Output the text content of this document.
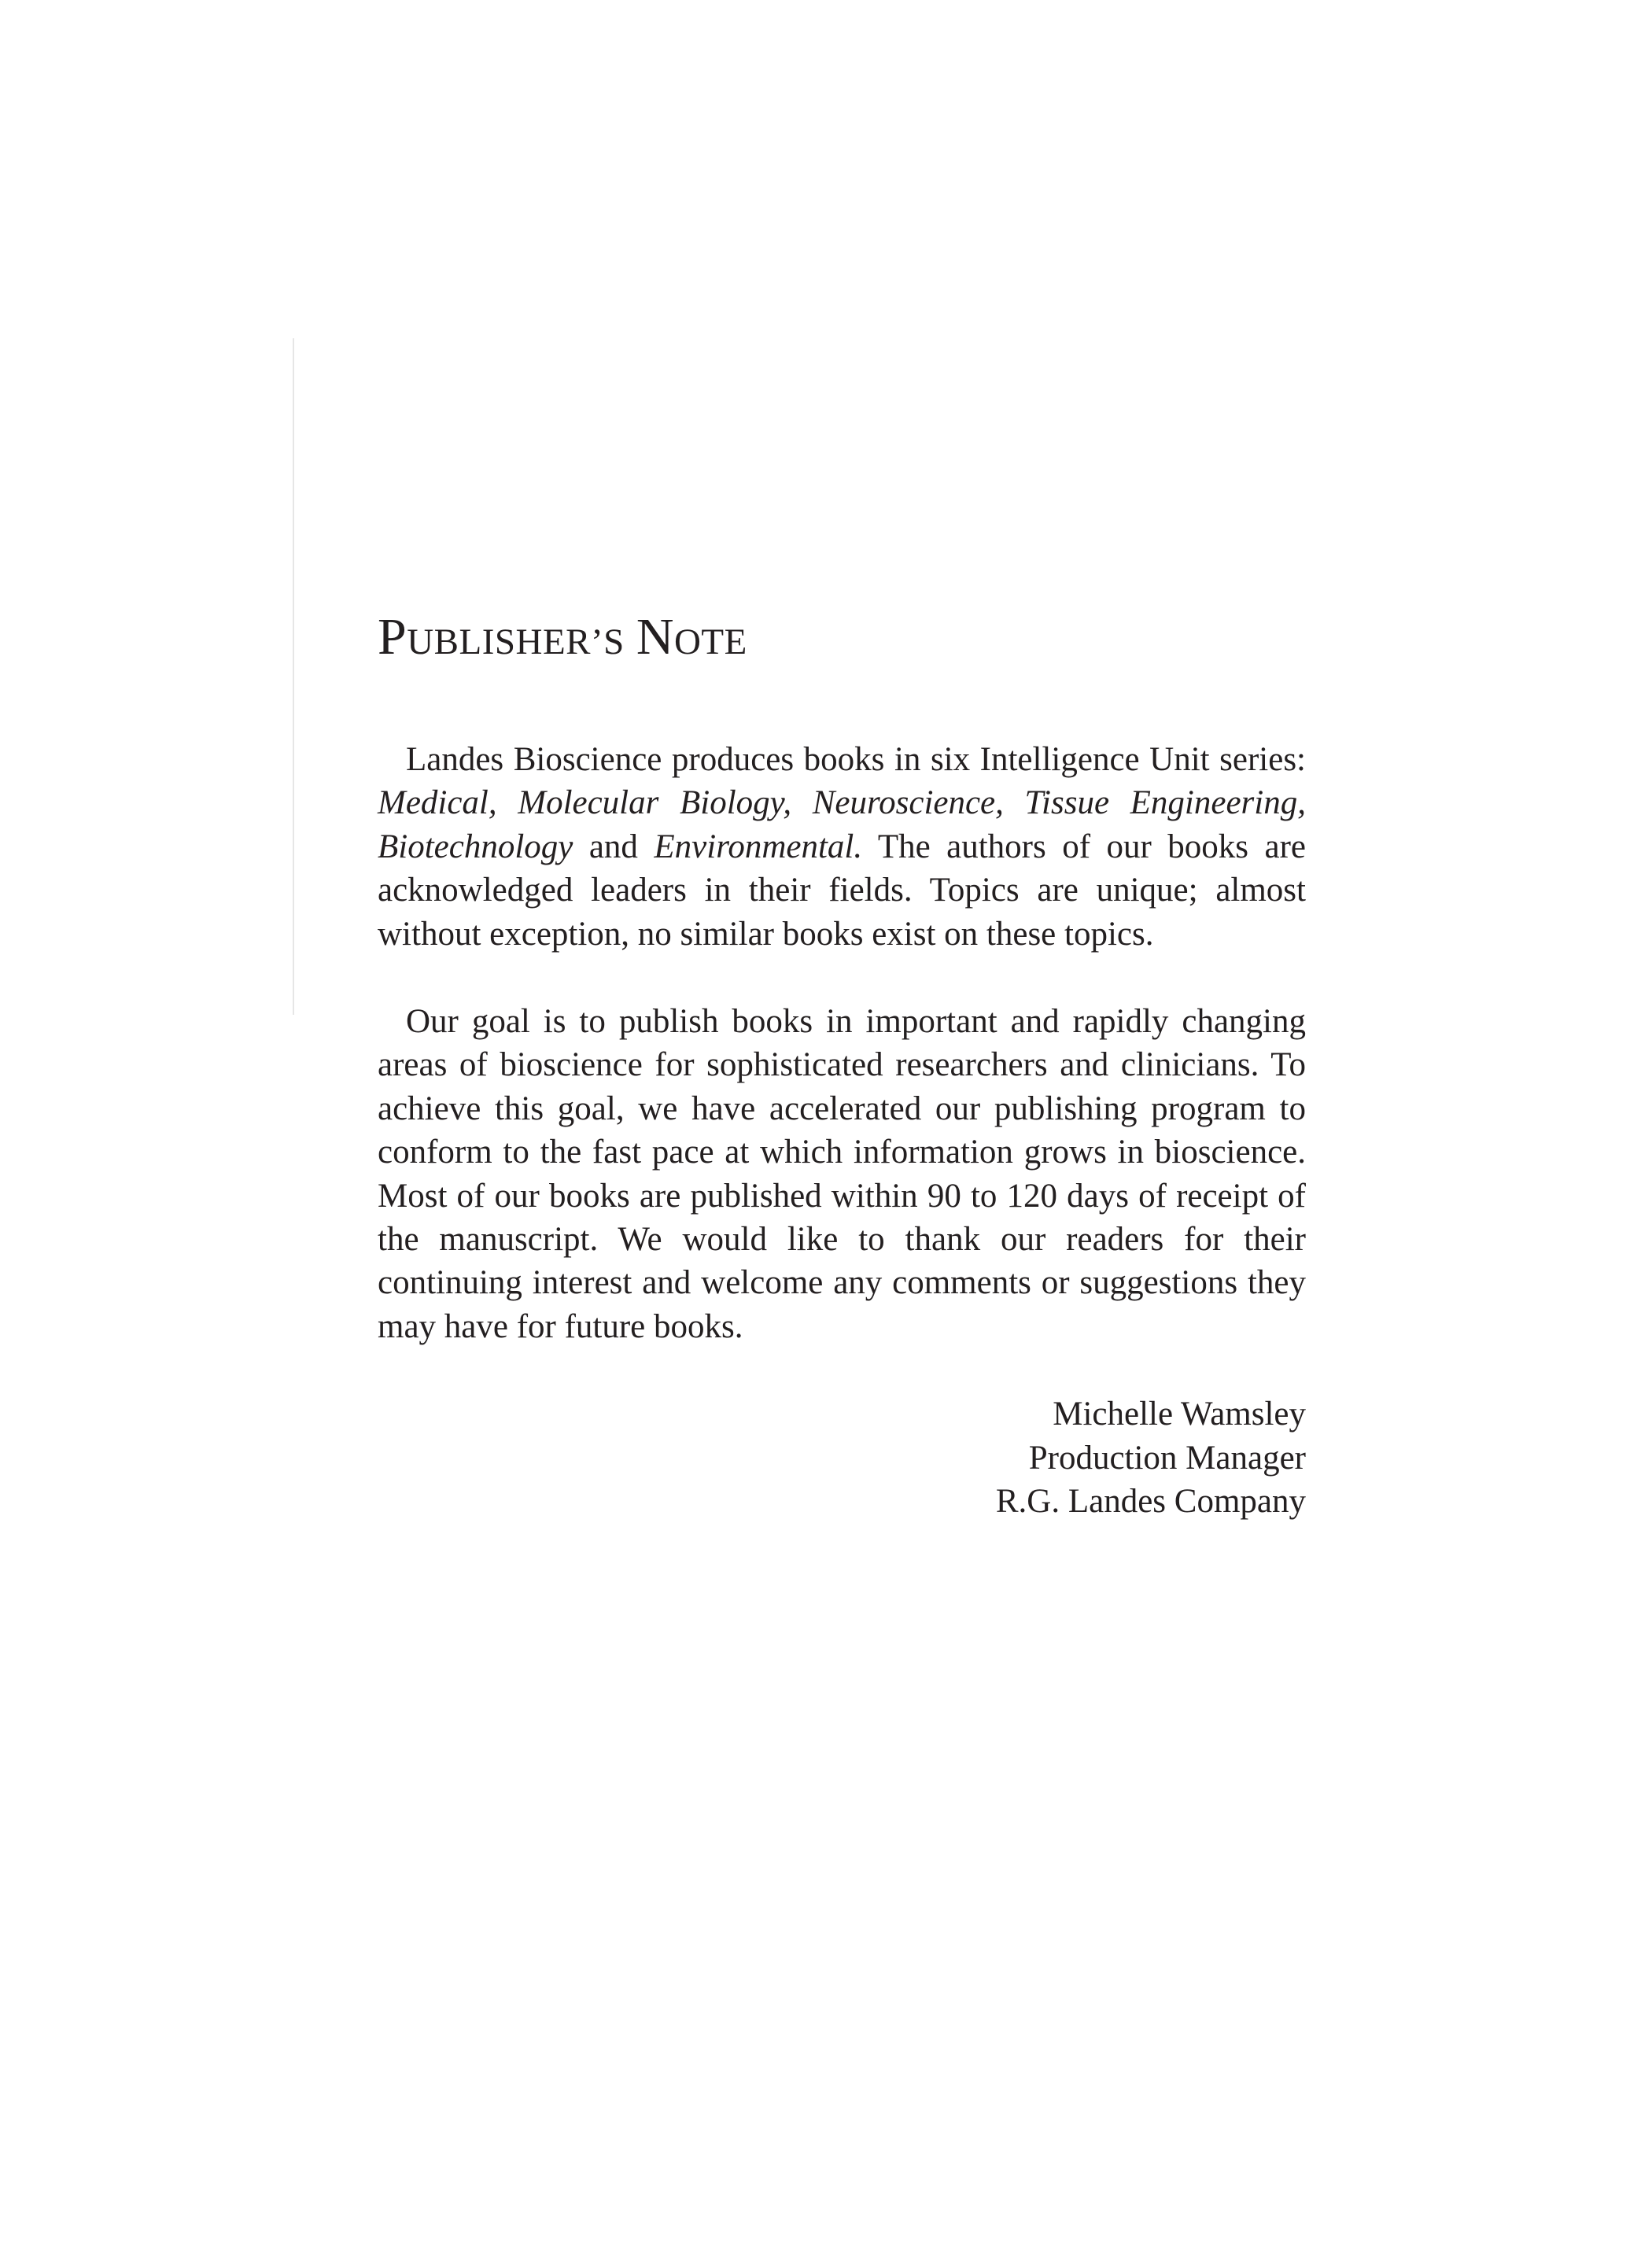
PUBLISHER’S NOTE

Landes Bioscience produces books in six Intelligence Unit series: Medical, Molecular Biology, Neuroscience, Tissue Engineering, Biotechnology and Environmental. The authors of our books are acknowledged leaders in their fields. Topics are unique; almost without exception, no similar books exist on these topics.

Our goal is to publish books in important and rapidly changing areas of bioscience for sophisticated researchers and clinicians. To achieve this goal, we have accelerated our publishing program to conform to the fast pace at which information grows in bioscience. Most of our books are published within 90 to 120 days of receipt of the manuscript. We would like to thank our readers for their continuing interest and welcome any comments or suggestions they may have for future books.

Michelle Wamsley
Production Manager
R.G. Landes Company
